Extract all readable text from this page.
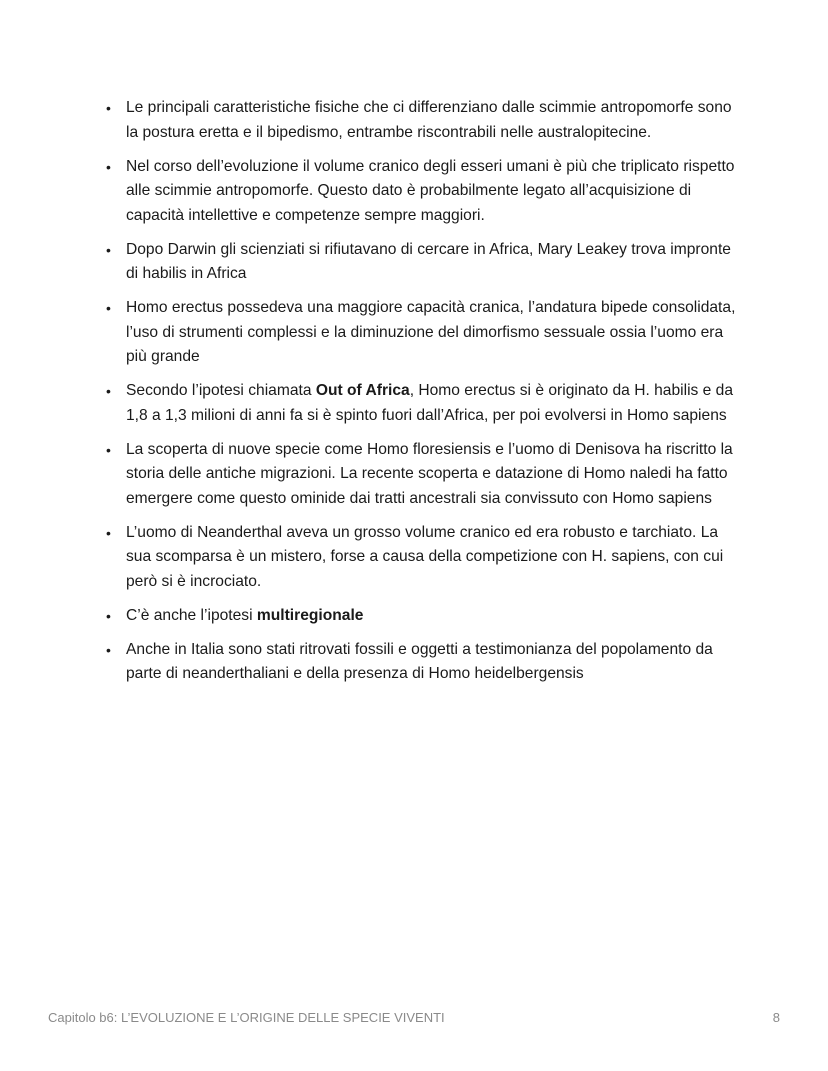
• Le principali caratteristiche fisiche che ci differenziano dalle scimmie antropomorfe sono la postura eretta e il bipedismo, entrambe riscontrabili nelle australopitecine.
• Nel corso dell’evoluzione il volume cranico degli esseri umani è più che triplicato rispetto alle scimmie antropomorfe. Questo dato è probabilmente legato all’acquisizione di capacità intellettive e competenze sempre maggiori.
• Dopo Darwin gli scienziati si rifiutavano di cercare in Africa, Mary Leakey trova impronte di habilis in Africa
• Homo erectus possedeva una maggiore capacità cranica, l’andatura bipede consolidata, l’uso di strumenti complessi e la diminuzione del dimorfismo sessuale ossia l’uomo era più grande
• Secondo l’ipotesi chiamata Out of Africa, Homo erectus si è originato da H. habilis e da 1,8 a 1,3 milioni di anni fa si è spinto fuori dall’Africa, per poi evolversi in Homo sapiens
• La scoperta di nuove specie come Homo floresiensis e l’uomo di Denisova ha riscritto la storia delle antiche migrazioni. La recente scoperta e datazione di Homo naledi ha fatto emergere come questo ominide dai tratti ancestrali sia convissuto con Homo sapiens
• L’uomo di Neanderthal aveva un grosso volume cranico ed era robusto e tarchiato. La sua scomparsa è un mistero, forse a causa della competizione con H. sapiens, con cui però si è incrociato.
• C’è anche l’ipotesi multiregionale
• Anche in Italia sono stati ritrovati fossili e oggetti a testimonianza del popolamento da parte di neanderthaliani e della presenza di Homo heidelbergensis
Capitolo b6: L’EVOLUZIONE E L’ORIGINE DELLE SPECIE VIVENTI	8
